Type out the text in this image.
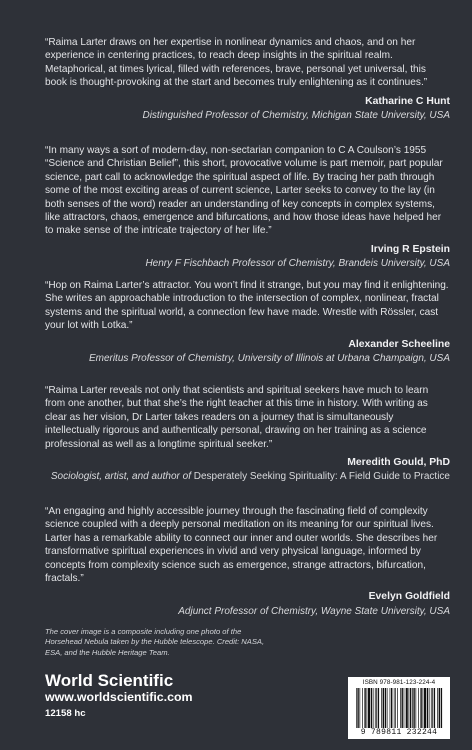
“Raima Larter draws on her expertise in nonlinear dynamics and chaos, and on her experience in centering practices, to reach deep insights in the spiritual realm. Metaphorical, at times lyrical, filled with references, brave, personal yet universal, this book is thought-provoking at the start and becomes truly enlightening as it continues.”

Katharine C Hunt
Distinguished Professor of Chemistry, Michigan State University, USA

“In many ways a sort of modern-day, non-sectarian companion to C A Coulson’s 1955 “Science and Christian Belief”, this short, provocative volume is part memoir, part popular science, part call to acknowledge the spiritual aspect of life. By tracing her path through some of the most exciting areas of current science, Larter seeks to convey to the lay (in both senses of the word) reader an understanding of key concepts in complex systems, like attractors, chaos, emergence and bifurcations, and how those ideas have helped her to make sense of the intricate trajectory of her life.”

Irving R Epstein
Henry F Fischbach Professor of Chemistry, Brandeis University, USA

“Hop on Raima Larter’s attractor. You won’t find it strange, but you may find it enlightening. She writes an approachable introduction to the intersection of complex, nonlinear, fractal systems and the spiritual world, a connection few have made. Wrestle with Rössler, cast your lot with Lotka.”

Alexander Scheeline
Emeritus Professor of Chemistry, University of Illinois at Urbana Champaign, USA

“Raima Larter reveals not only that scientists and spiritual seekers have much to learn from one another, but that she’s the right teacher at this time in history. With writing as clear as her vision, Dr Larter takes readers on a journey that is simultaneously intellectually rigorous and authentically personal, drawing on her training as a science professional as well as a longtime spiritual seeker.”

Meredith Gould, PhD
Sociologist, artist, and author of Desperately Seeking Spirituality: A Field Guide to Practice

“An engaging and highly accessible journey through the fascinating field of complexity science coupled with a deeply personal meditation on its meaning for our spiritual lives. Larter has a remarkable ability to connect our inner and outer worlds. She describes her transformative spiritual experiences in vivid and very physical language, informed by concepts from complexity science such as emergence, strange attractors, bifurcation, fractals.”

Evelyn Goldfield
Adjunct Professor of Chemistry, Wayne State University, USA
The cover image is a composite including one photo of the Horsehead Nebula taken by the Hubble telescope. Credit: NASA, ESA, and the Hubble Heritage Team.
World Scientific
www.worldscientific.com
12158 hc
ISBN 978-981-123-224-4
9 789811 232244
